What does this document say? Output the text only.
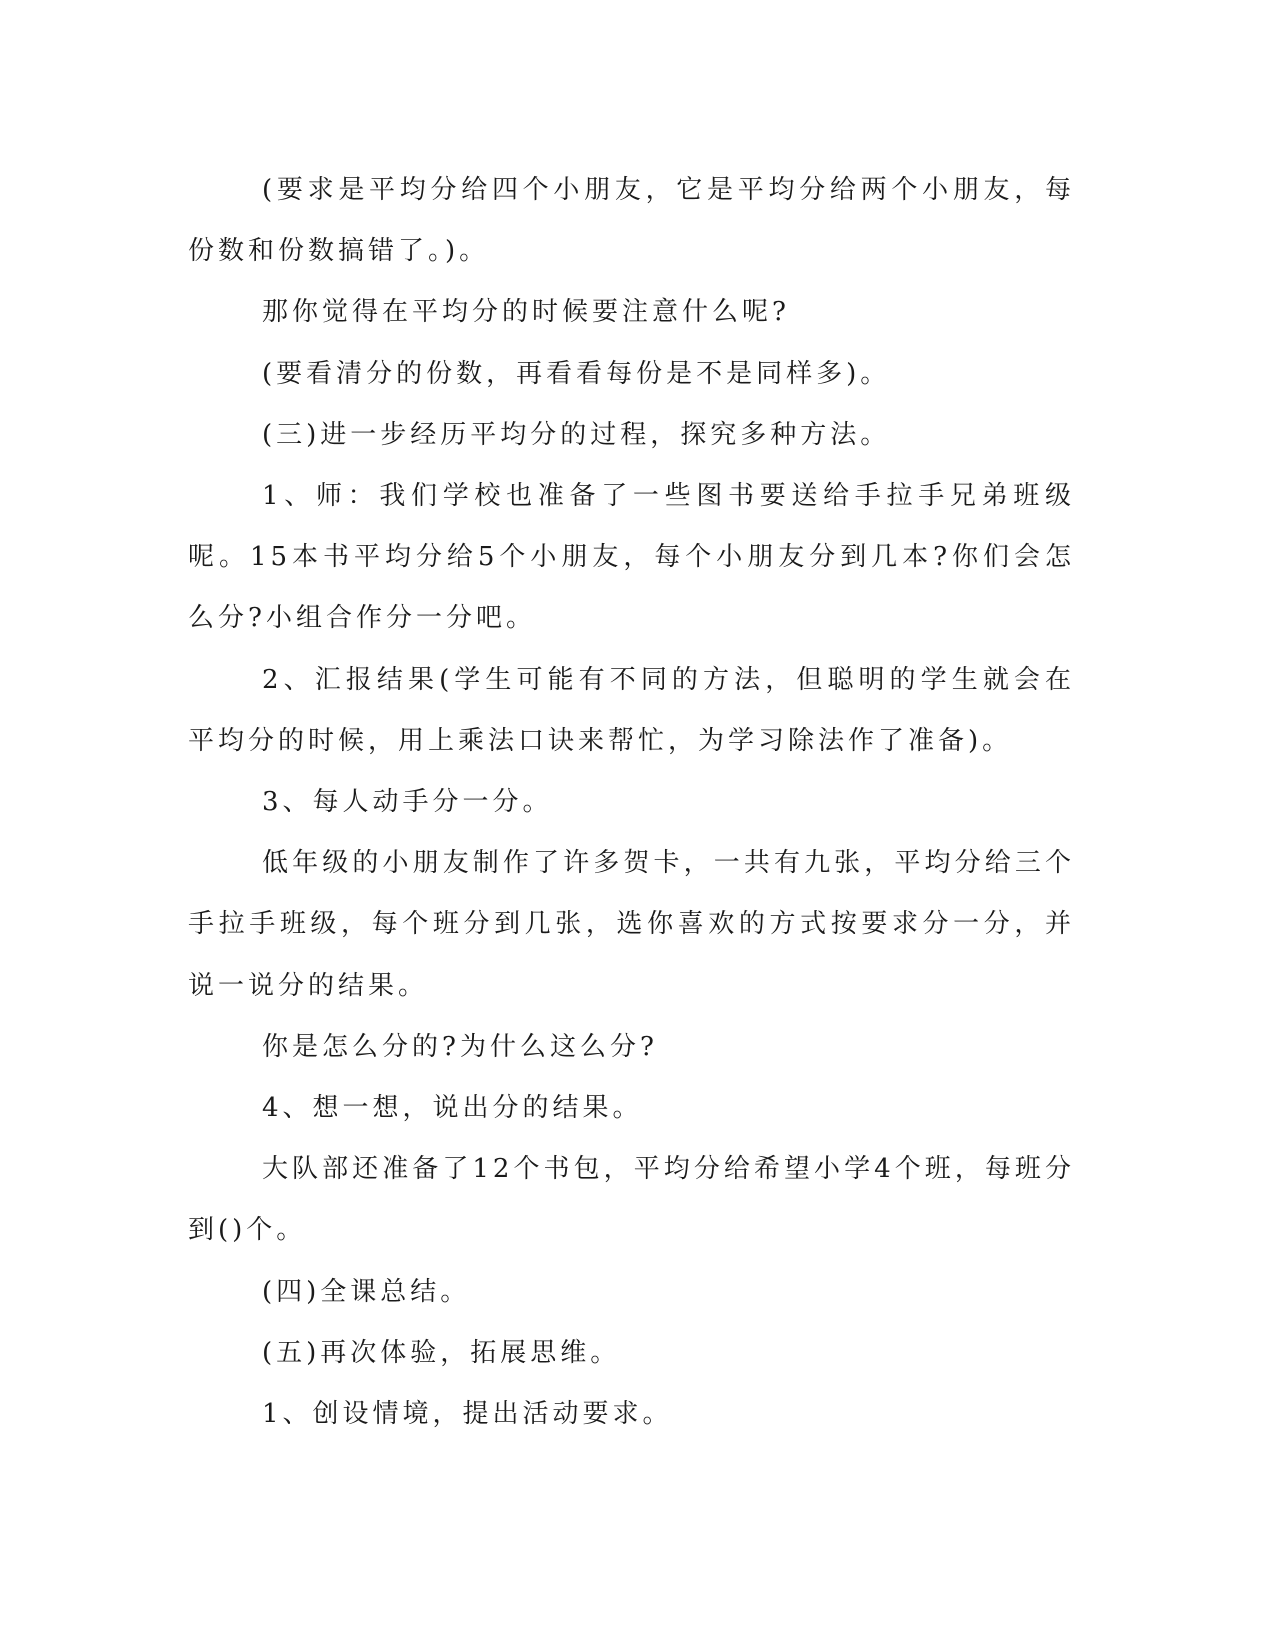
(要求是平均分给四个小朋友，它是平均分给两个小朋友，每份数和份数搞错了。)。

那你觉得在平均分的时候要注意什么呢?

(要看清分的份数，再看看每份是不是同样多)。

(三)进一步经历平均分的过程，探究多种方法。

1、师：我们学校也准备了一些图书要送给手拉手兄弟班级呢。15本书平均分给5个小朋友，每个小朋友分到几本?你们会怎么分?小组合作分一分吧。

2、汇报结果(学生可能有不同的方法，但聪明的学生就会在平均分的时候，用上乘法口诀来帮忙，为学习除法作了准备)。

3、每人动手分一分。

低年级的小朋友制作了许多贺卡，一共有九张，平均分给三个手拉手班级，每个班分到几张，选你喜欢的方式按要求分一分，并说一说分的结果。

你是怎么分的?为什么这么分?

4、想一想，说出分的结果。

大队部还准备了12个书包，平均分给希望小学4个班，每班分到()个。

(四)全课总结。

(五)再次体验，拓展思维。

1、创设情境，提出活动要求。
